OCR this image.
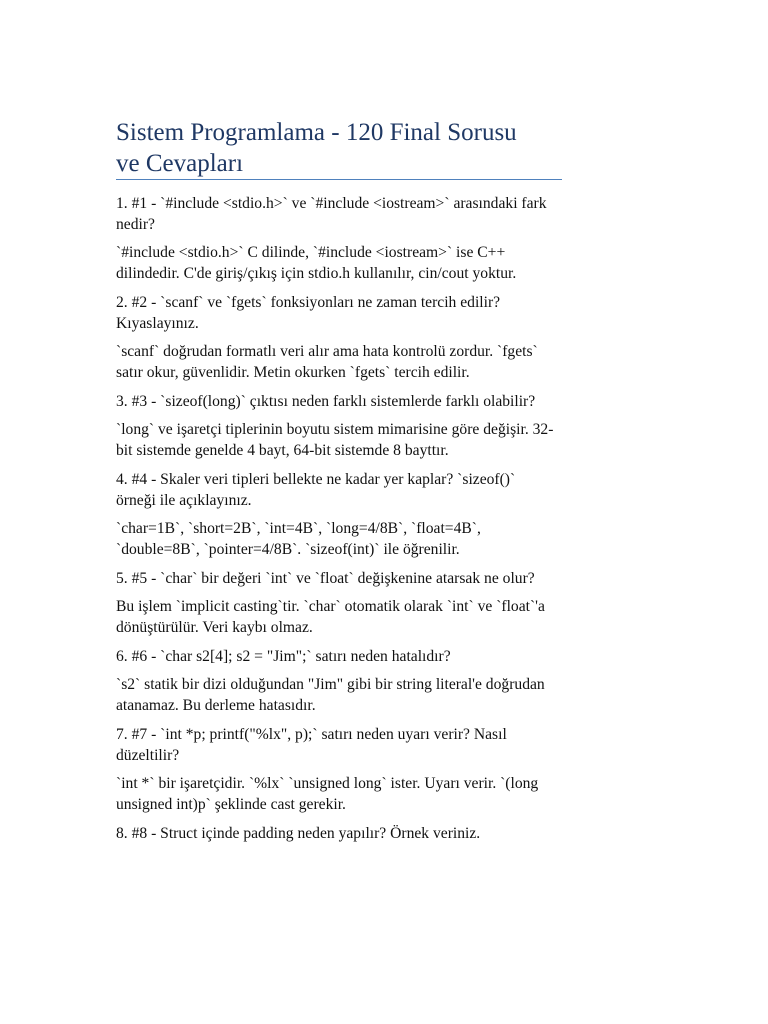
Sistem Programlama - 120 Final Sorusu
ve Cevapları

1. #1 - `#include <stdio.h>` ve `#include <iostream>` arasındaki fark nedir?

`#include <stdio.h>` C dilinde, `#include <iostream>` ise C++ dilindedir. C'de giriş/çıkış için stdio.h kullanılır, cin/cout yoktur.

2. #2 - `scanf` ve `fgets` fonksiyonları ne zaman tercih edilir? Kıyaslayınız.

`scanf` doğrudan formatlı veri alır ama hata kontrolü zordur. `fgets` satır okur, güvenlidir. Metin okurken `fgets` tercih edilir.

3. #3 - `sizeof(long)` çıktısı neden farklı sistemlerde farklı olabilir?

`long` ve işaretçi tiplerinin boyutu sistem mimarisine göre değişir. 32-bit sistemde genelde 4 bayt, 64-bit sistemde 8 bayttır.

4. #4 - Skaler veri tipleri bellekte ne kadar yer kaplar? `sizeof()` örneği ile açıklayınız.

`char=1B`, `short=2B`, `int=4B`, `long=4/8B`, `float=4B`, `double=8B`, `pointer=4/8B`. `sizeof(int)` ile öğrenilir.

5. #5 - `char` bir değeri `int` ve `float` değişkenine atarsak ne olur?

Bu işlem `implicit casting`tir. `char` otomatik olarak `int` ve `float`'a dönüştürülür. Veri kaybı olmaz.

6. #6 - `char s2[4]; s2 = "Jim";` satırı neden hatalıdır?

`s2` statik bir dizi olduğundan "Jim" gibi bir string literal'e doğrudan atanamaz. Bu derleme hatasıdır.

7. #7 - `int *p; printf("%lx", p);` satırı neden uyarı verir? Nasıl düzeltilir?

`int *` bir işaretçidir. `%lx` `unsigned long` ister. Uyarı verir. `(long unsigned int)p` şeklinde cast gerekir.

8. #8 - Struct içinde padding neden yapılır? Örnek veriniz.
